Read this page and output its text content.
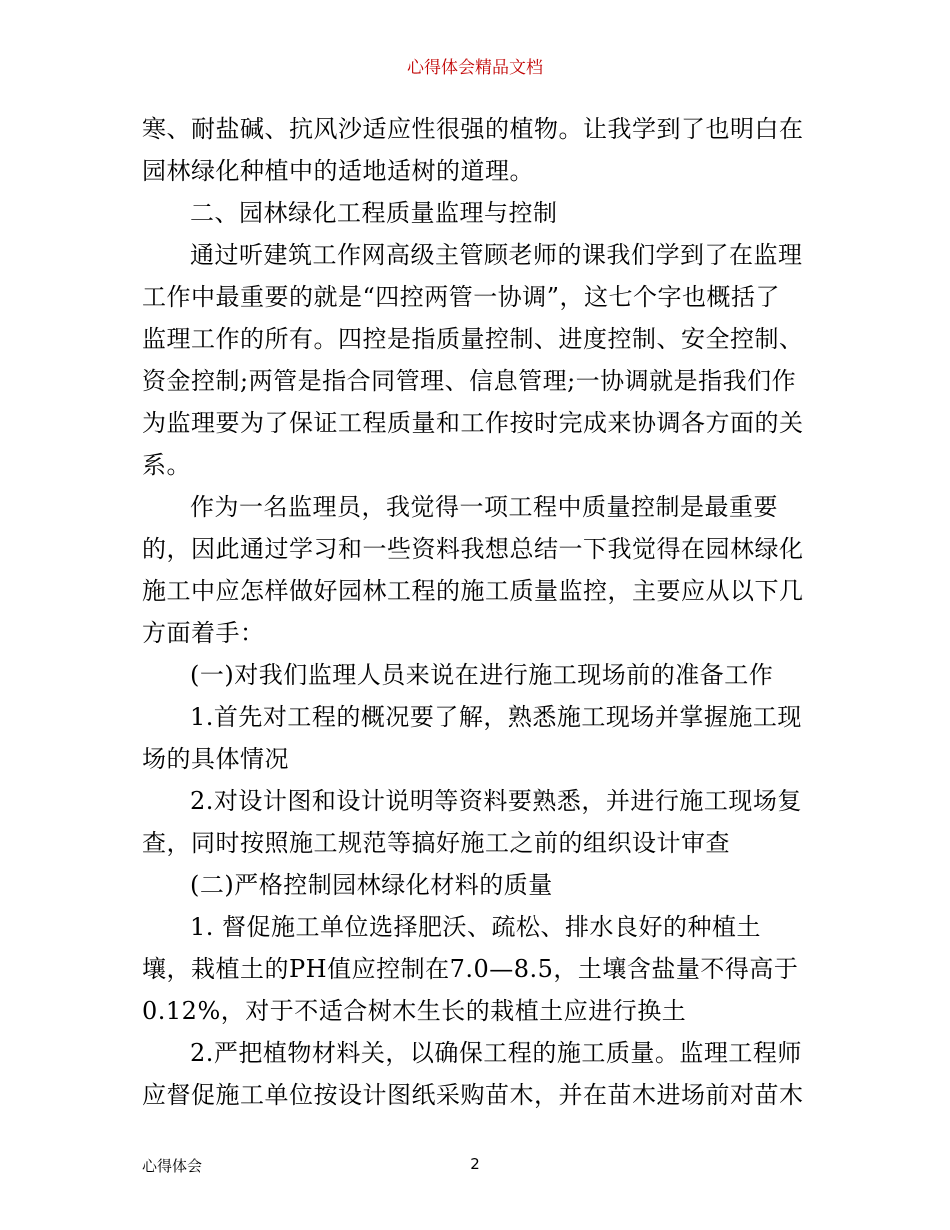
心得体会精品文档
寒、耐盐碱、抗风沙适应性很强的植物。让我学到了也明白在
园林绿化种植中的适地适树的道理。
二、园林绿化工程质量监理与控制
通过听建筑工作网高级主管顾老师的课我们学到了在监理
工作中最重要的就是“四控两管一协调”，这七个字也概括了
监理工作的所有。四控是指质量控制、进度控制、安全控制、
资金控制;两管是指合同管理、信息管理;一协调就是指我们作
为监理要为了保证工程质量和工作按时完成来协调各方面的关
系。
作为一名监理员，我觉得一项工程中质量控制是最重要
的，因此通过学习和一些资料我想总结一下我觉得在园林绿化
施工中应怎样做好园林工程的施工质量监控，主要应从以下几
方面着手：
(一)对我们监理人员来说在进行施工现场前的准备工作
1.首先对工程的概况要了解，熟悉施工现场并掌握施工现
场的具体情况
2.对设计图和设计说明等资料要熟悉，并进行施工现场复
查，同时按照施工规范等搞好施工之前的组织设计审查
(二)严格控制园林绿化材料的质量
1. 督促施工单位选择肥沃、疏松、排水良好的种植土
壤，栽植土的PH值应控制在7.0—8.5，土壤含盐量不得高于
0.12%，对于不适合树木生长的栽植土应进行换土
2.严把植物材料关，以确保工程的施工质量。监理工程师
应督促施工单位按设计图纸采购苗木，并在苗木进场前对苗木
心得体会	2
